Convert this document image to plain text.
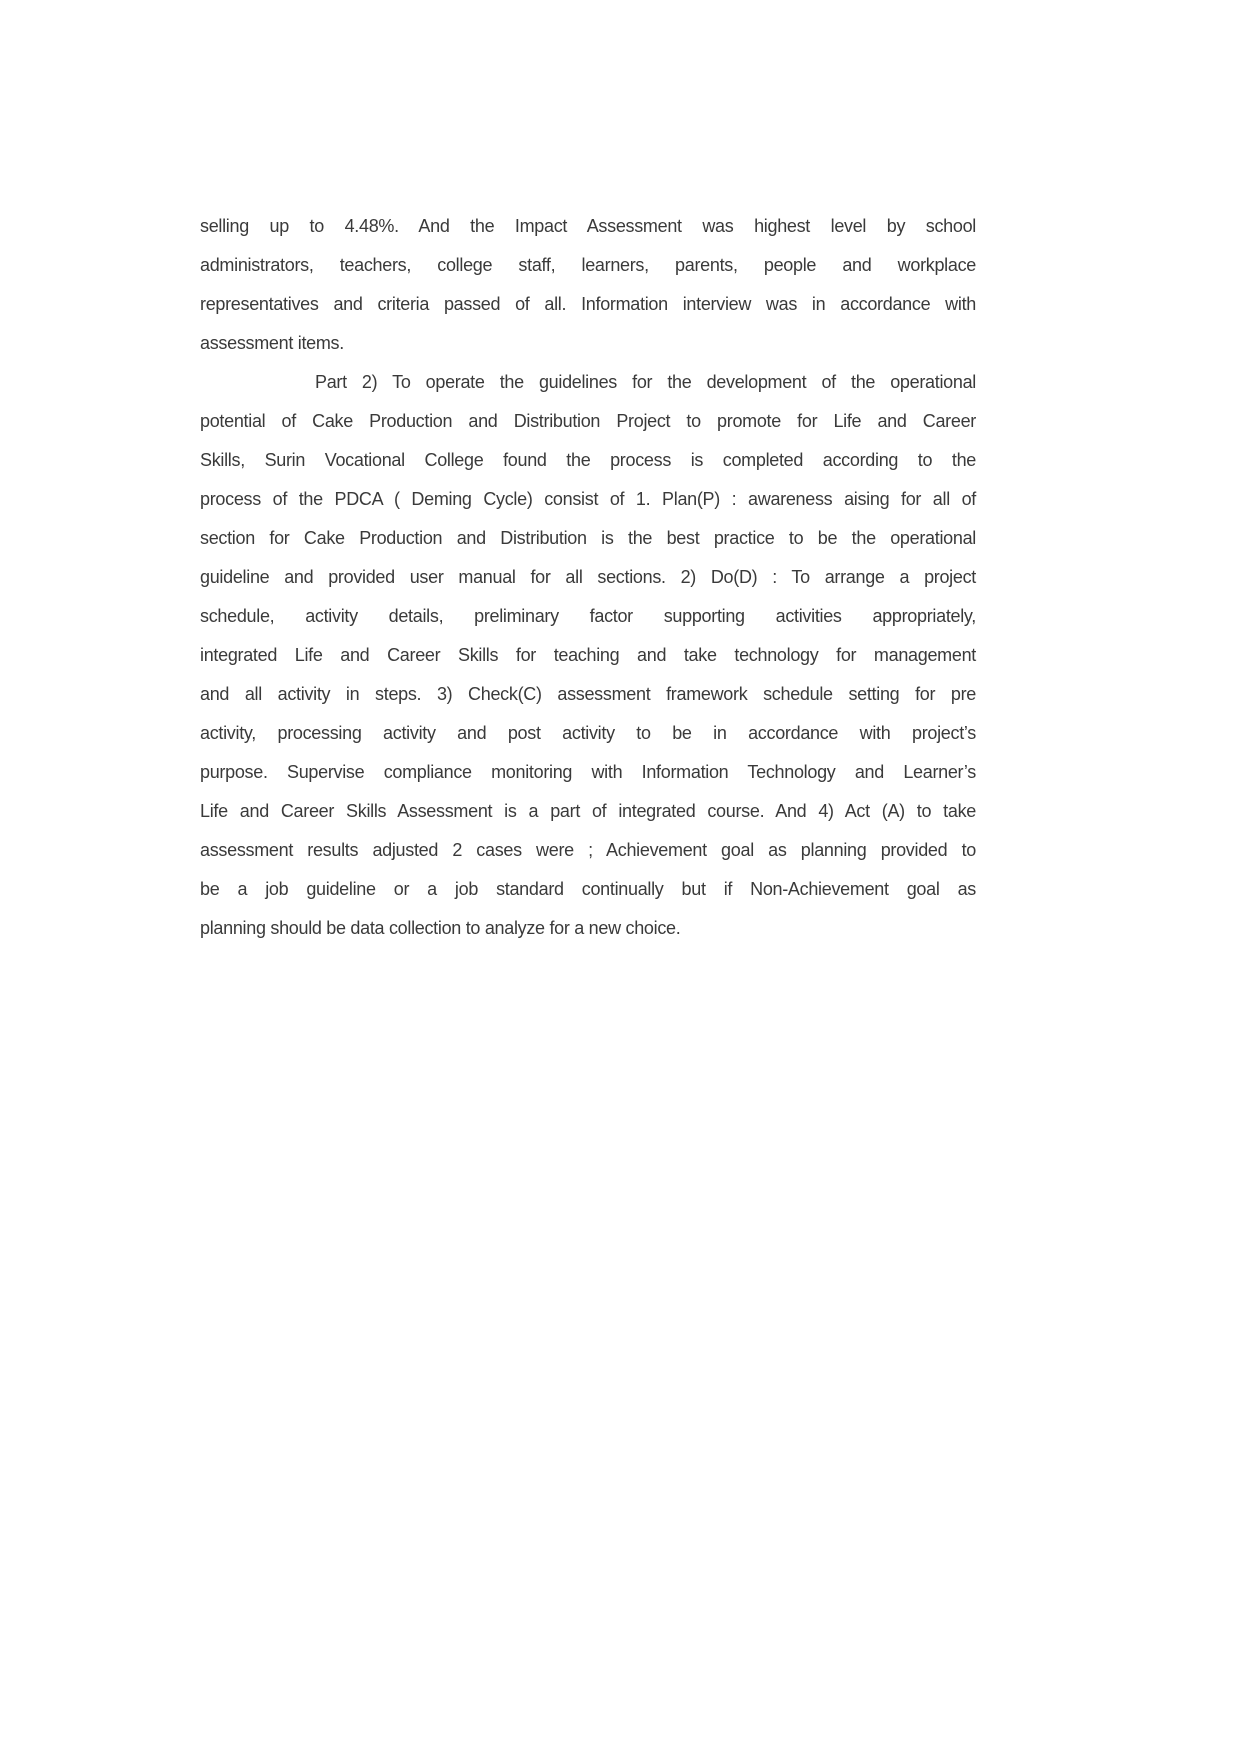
selling up to 4.48%. And the Impact Assessment was highest level by school
administrators, teachers, college staff, learners, parents, people and workplace
representatives and criteria passed of all. Information interview was in accordance with
assessment items.
Part 2) To operate the guidelines for the development of the operational
potential of Cake Production and Distribution Project to promote for Life and Career
Skills, Surin Vocational College found the process is completed according to the
process of the PDCA ( Deming Cycle) consist of 1. Plan(P) : awareness aising for all of
section for Cake Production and Distribution is the best practice to be the operational
guideline and provided user manual for all sections. 2) Do(D) : To arrange a project
schedule, activity details, preliminary factor supporting activities appropriately,
integrated Life and Career Skills for teaching and take technology for management
and all activity in steps. 3) Check(C) assessment framework schedule setting for pre
activity, processing activity and post activity to be in accordance with project’s
purpose. Supervise compliance monitoring with Information Technology and Learner’s
Life and Career Skills Assessment is a part of integrated course. And 4) Act (A) to take
assessment results adjusted 2 cases were ; Achievement goal as planning provided to
be a job guideline or a job standard continually but if Non-Achievement goal as
planning should be data collection to analyze for a new choice.
